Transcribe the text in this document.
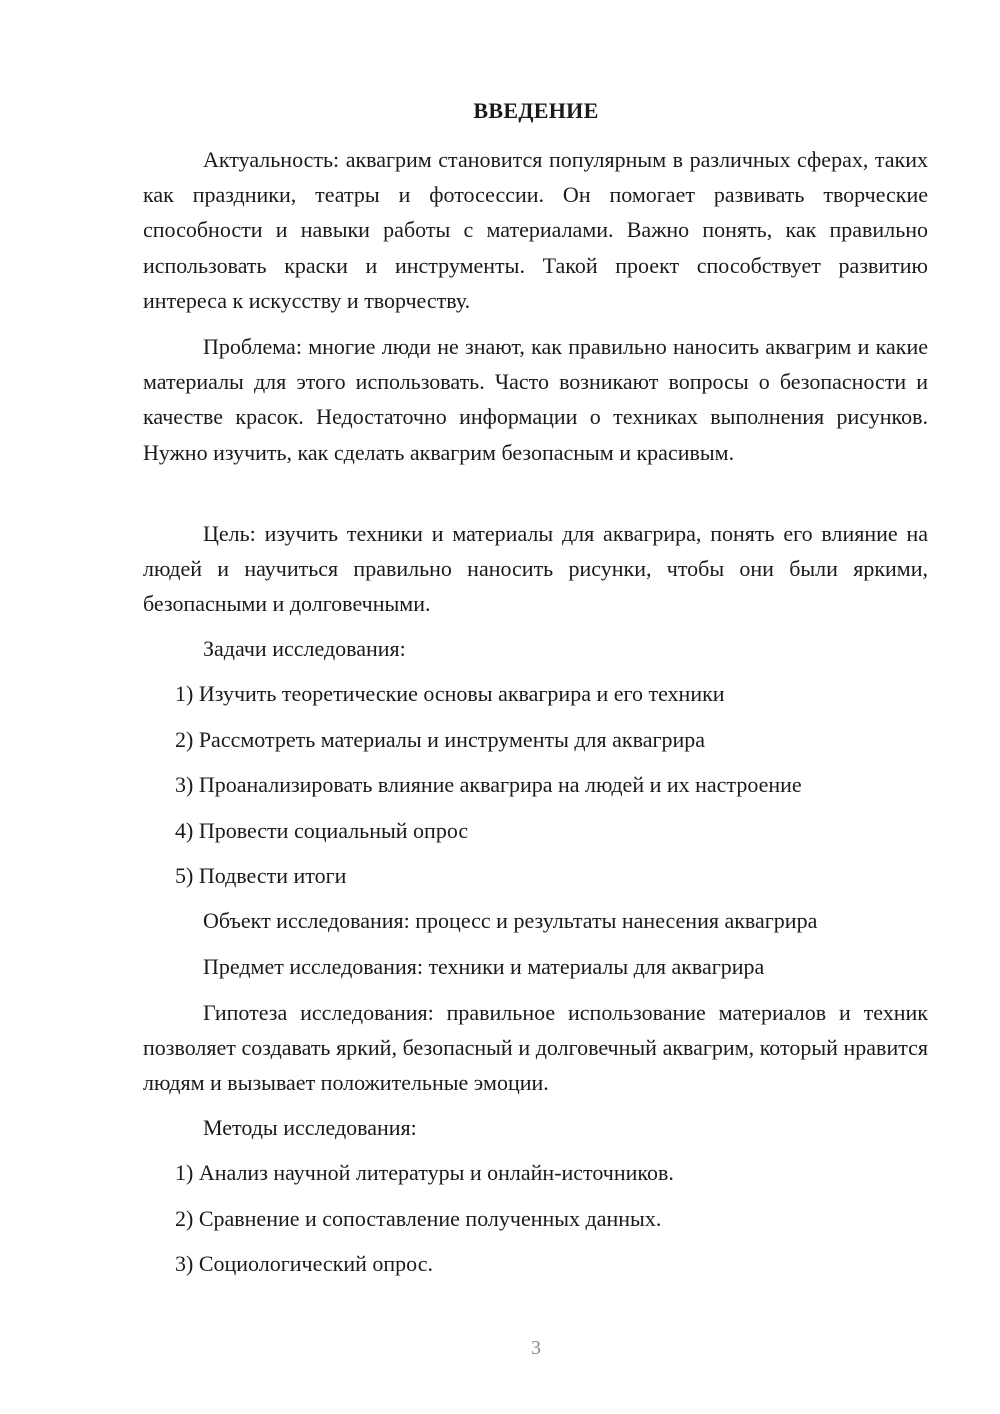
ВВЕДЕНИЕ

Актуальность: аквагрим становится популярным в различных сферах, таких как праздники, театры и фотосессии. Он помогает развивать творческие способности и навыки работы с материалами. Важно понять, как правильно использовать краски и инструменты. Такой проект способствует развитию интереса к искусству и творчеству.

Проблема: многие люди не знают, как правильно наносить аквагрим и какие материалы для этого использовать. Часто возникают вопросы о безопасности и качестве красок. Недостаточно информации о техниках выполнения рисунков. Нужно изучить, как сделать аквагрим безопасным и красивым.

Цель: изучить техники и материалы для аквагрира, понять его влияние на людей и научиться правильно наносить рисунки, чтобы они были яркими, безопасными и долговечными.

Задачи исследования:

1) Изучить теоретические основы аквагрира и его техники

2) Рассмотреть материалы и инструменты для аквагрира

3) Проанализировать влияние аквагрира на людей и их настроение

4) Провести социальный опрос

5) Подвести итоги

Объект исследования: процесс и результаты нанесения аквагрира

Предмет исследования: техники и материалы для аквагрира

Гипотеза исследования: правильное использование материалов и техник позволяет создавать яркий, безопасный и долговечный аквагрим, который нравится людям и вызывает положительные эмоции.

Методы исследования:

1) Анализ научной литературы и онлайн-источников.

2) Сравнение и сопоставление полученных данных.

3) Социологический опрос.

3
